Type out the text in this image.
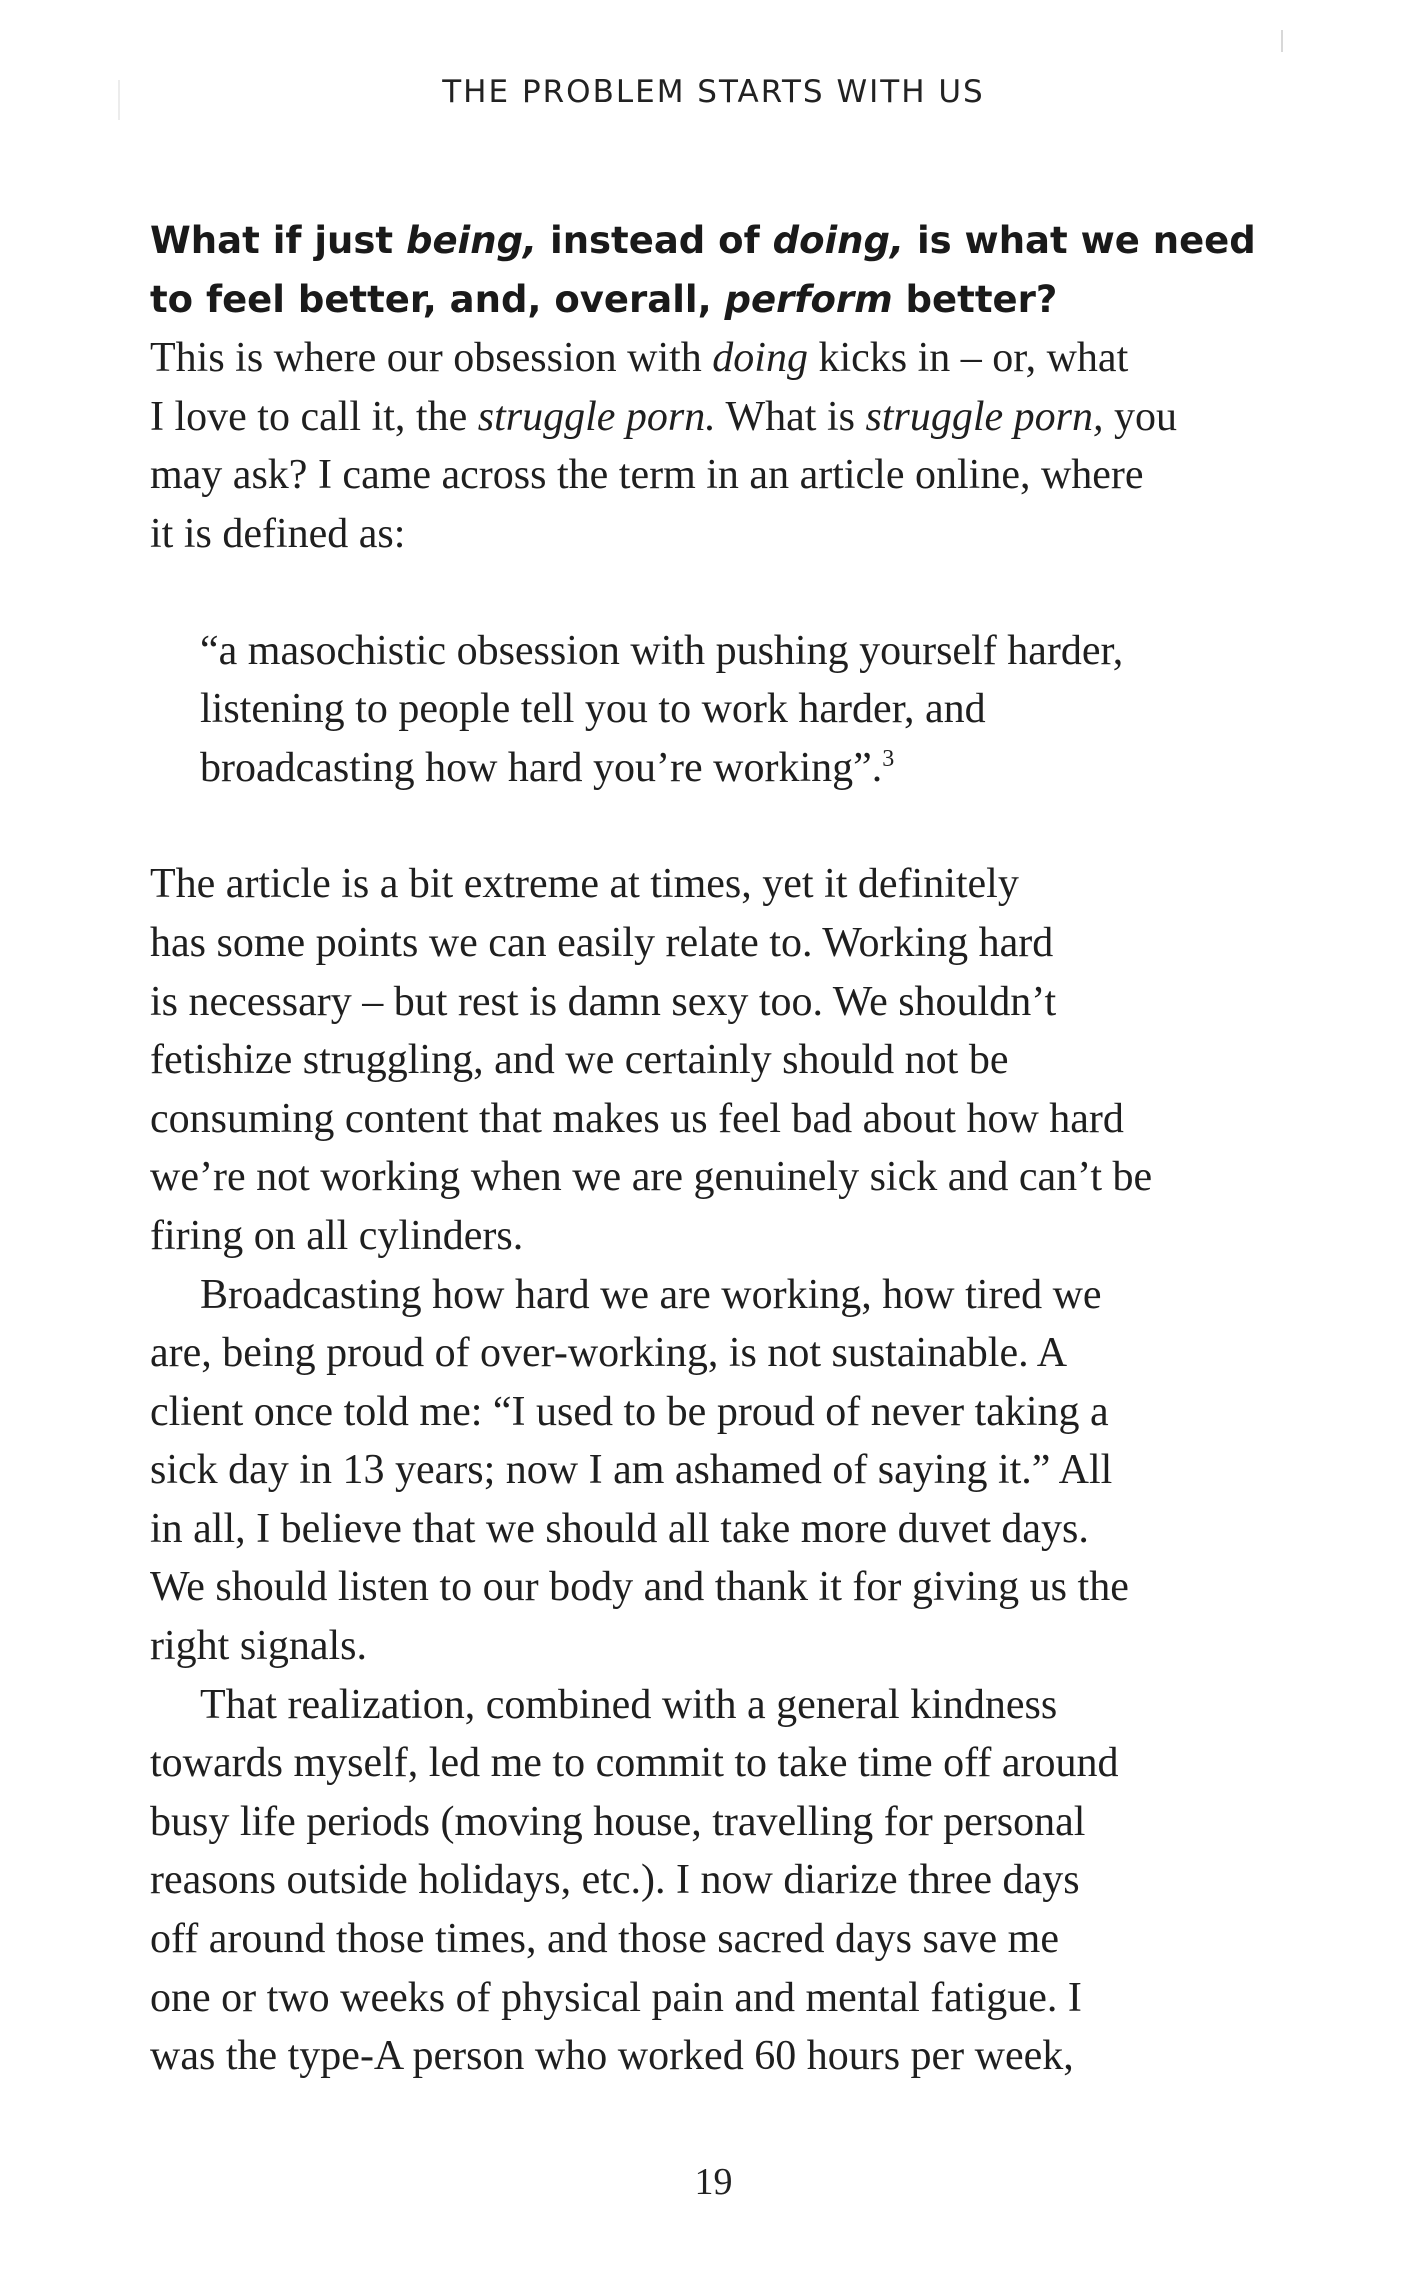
THE PROBLEM STARTS WITH US
What if just being, instead of doing, is what we need
to feel better, and, overall, perform better?

This is where our obsession with doing kicks in – or, what
I love to call it, the struggle porn. What is struggle porn, you
may ask? I came across the term in an article online, where
it is defined as:

“a masochistic obsession with pushing yourself harder,
listening to people tell you to work harder, and
broadcasting how hard you’re working”.$^3$

The article is a bit extreme at times, yet it definitely
has some points we can easily relate to. Working hard
is necessary – but rest is damn sexy too. We shouldn’t
fetishize struggling, and we certainly should not be
consuming content that makes us feel bad about how hard
we’re not working when we are genuinely sick and can’t be
firing on all cylinders.

Broadcasting how hard we are working, how tired we
are, being proud of over-working, is not sustainable. A
client once told me: “I used to be proud of never taking a
sick day in 13 years; now I am ashamed of saying it.” All
in all, I believe that we should all take more duvet days.
We should listen to our body and thank it for giving us the
right signals.

That realization, combined with a general kindness
towards myself, led me to commit to take time off around
busy life periods (moving house, travelling for personal
reasons outside holidays, etc.). I now diarize three days
off around those times, and those sacred days save me
one or two weeks of physical pain and mental fatigue. I
was the type-A person who worked 60 hours per week,

19
